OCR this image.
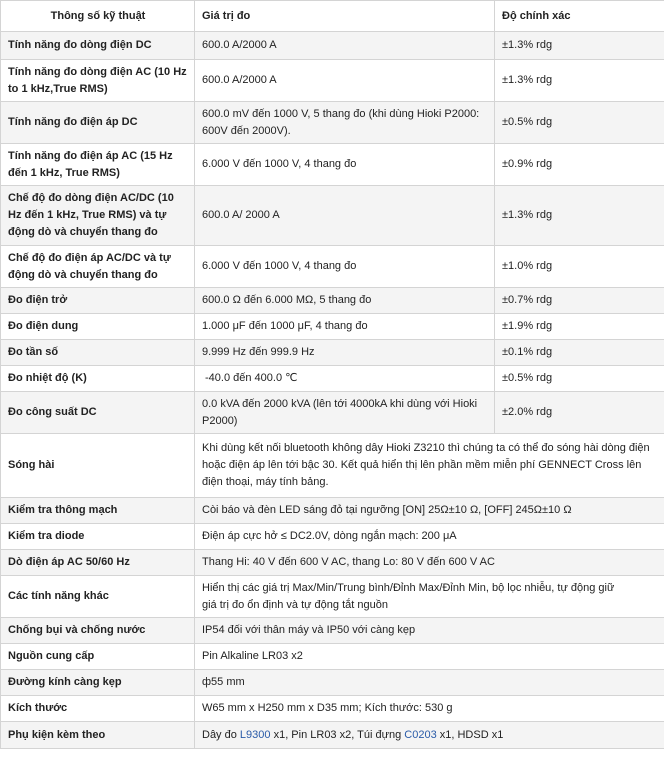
Thông số kỹ thuật	Giá trị đo	Độ chính xác
Tính năng đo dòng điện DC	600.0 A/2000 A	±1.3% rdg
Tính năng đo dòng điện AC (10 Hz to 1 kHz,True RMS)	600.0 A/2000 A	±1.3% rdg
Tính năng đo điện áp DC	600.0 mV đến 1000 V, 5 thang đo (khi dùng Hioki P2000: 600V đến 2000V).	±0.5% rdg
Tính năng đo điện áp AC (15 Hz đến 1 kHz, True RMS)	6.000 V đến 1000 V, 4 thang đo	±0.9% rdg
Chế độ đo dòng điện AC/DC (10 Hz đến 1 kHz, True RMS) và tự động dò và chuyển thang đo	600.0 A/ 2000 A	±1.3% rdg
Chế độ đo điện áp AC/DC và tự động dò và chuyển thang đo	6.000 V đến 1000 V, 4 thang đo	±1.0% rdg
Đo điện trở	600.0 Ω đến 6.000 MΩ, 5 thang đo	±0.7% rdg
Đo điện dung	1.000 μF đến 1000 μF, 4 thang đo	±1.9% rdg
Đo tần số	9.999 Hz đến 999.9 Hz	±0.1% rdg
Đo nhiệt độ (K)	-40.0 đến 400.0 ℃	±0.5% rdg
Đo công suất DC	0.0 kVA đến 2000 kVA (lên tới 4000kA khi dùng với Hioki P2000)	±2.0% rdg
Sóng hài	Khi dùng kết nối bluetooth không dây Hioki Z3210 thì chúng ta có thể đo sóng hài dòng điện hoặc điện áp lên tới bậc 30. Kết quả hiển thị lên phần mềm miễn phí GENNECT Cross lên điện thoại, máy tính bảng.	
Kiểm tra thông mạch	Còi báo và đèn LED sáng đỏ tại ngưỡng [ON] 25Ω±10 Ω, [OFF] 245Ω±10 Ω	
Kiểm tra diode	Điện áp cực hở ≤ DC2.0V, dòng ngắn mạch: 200 μA	
Dò điện áp AC 50/60 Hz	Thang Hi: 40 V đến 600 V AC, thang Lo: 80 V đến 600 V AC	
Các tính năng khác	Hiển thị các giá trị Max/Min/Trung bình/Đỉnh Max/Đỉnh Min, bộ lọc nhiễu, tự động giữ giá trị đo ổn định và tự động tắt nguồn	
Chống bụi và chống nước	IP54 đối với thân máy và IP50 với càng kẹp	
Nguồn cung cấp	Pin Alkaline LR03 x2	
Đường kính càng kẹp	ф55 mm	
Kích thước	W65 mm x H250 mm x D35 mm; Kích thước: 530 g	
Phụ kiện kèm theo	Dây đo L9300 x1, Pin LR03 x2, Túi đựng C0203 x1, HDSD x1	
